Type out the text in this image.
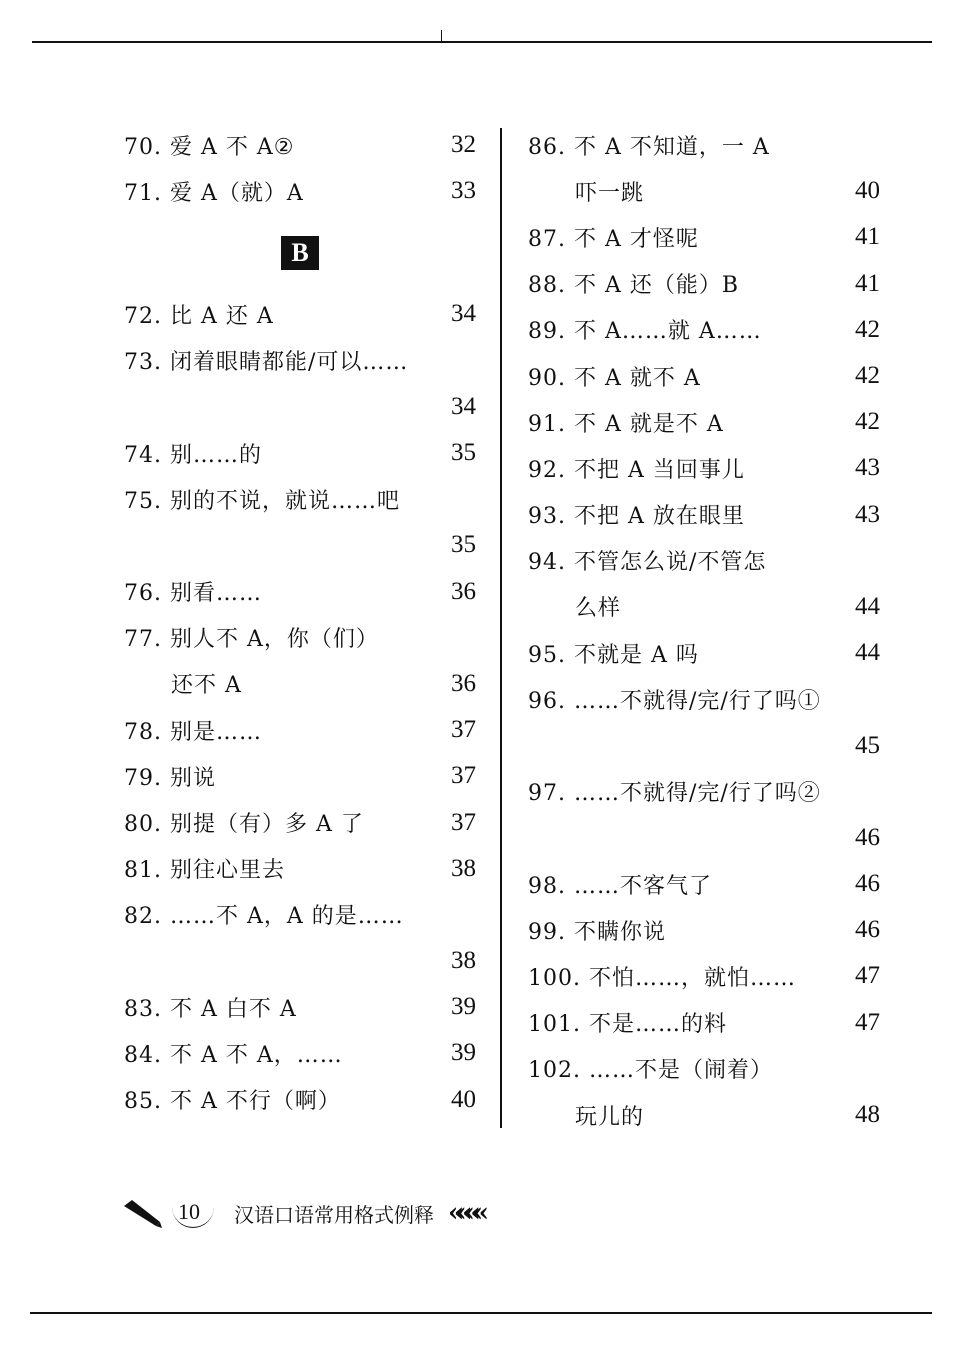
70. 爱 A 不 A②	32
71. 爱 A（就）A	33
B
72. 比 A 还 A	34
73. 闭着眼睛都能/可以……
34
74. 别……的	35
75. 别的不说，就说……吧
35
76. 别看……	36
77. 别人不 A，你（们）
还不 A	36
78. 别是……	37
79. 别说	37
80. 别提（有）多 A 了	37
81. 别往心里去	38
82. ……不 A，A 的是……
38
83. 不 A 白不 A	39
84. 不 A 不 A，……	39
85. 不 A 不行（啊）	40
86. 不 A 不知道，一 A
吓一跳	40
87. 不 A 才怪呢	41
88. 不 A 还（能）B	41
89. 不 A……就 A……	42
90. 不 A 就不 A	42
91. 不 A 就是不 A	42
92. 不把 A 当回事儿	43
93. 不把 A 放在眼里	43
94. 不管怎么说/不管怎
么样	44
95. 不就是 A 吗	44
96. ……不就得/完/行了吗①
45
97. ……不就得/完/行了吗②
46
98. ……不客气了	46
99. 不瞒你说	46
100. 不怕……，就怕…… 47
101. 不是……的料	47
102. ……不是（闹着）
玩儿的	48
10	汉语口语常用格式例释 ««««
